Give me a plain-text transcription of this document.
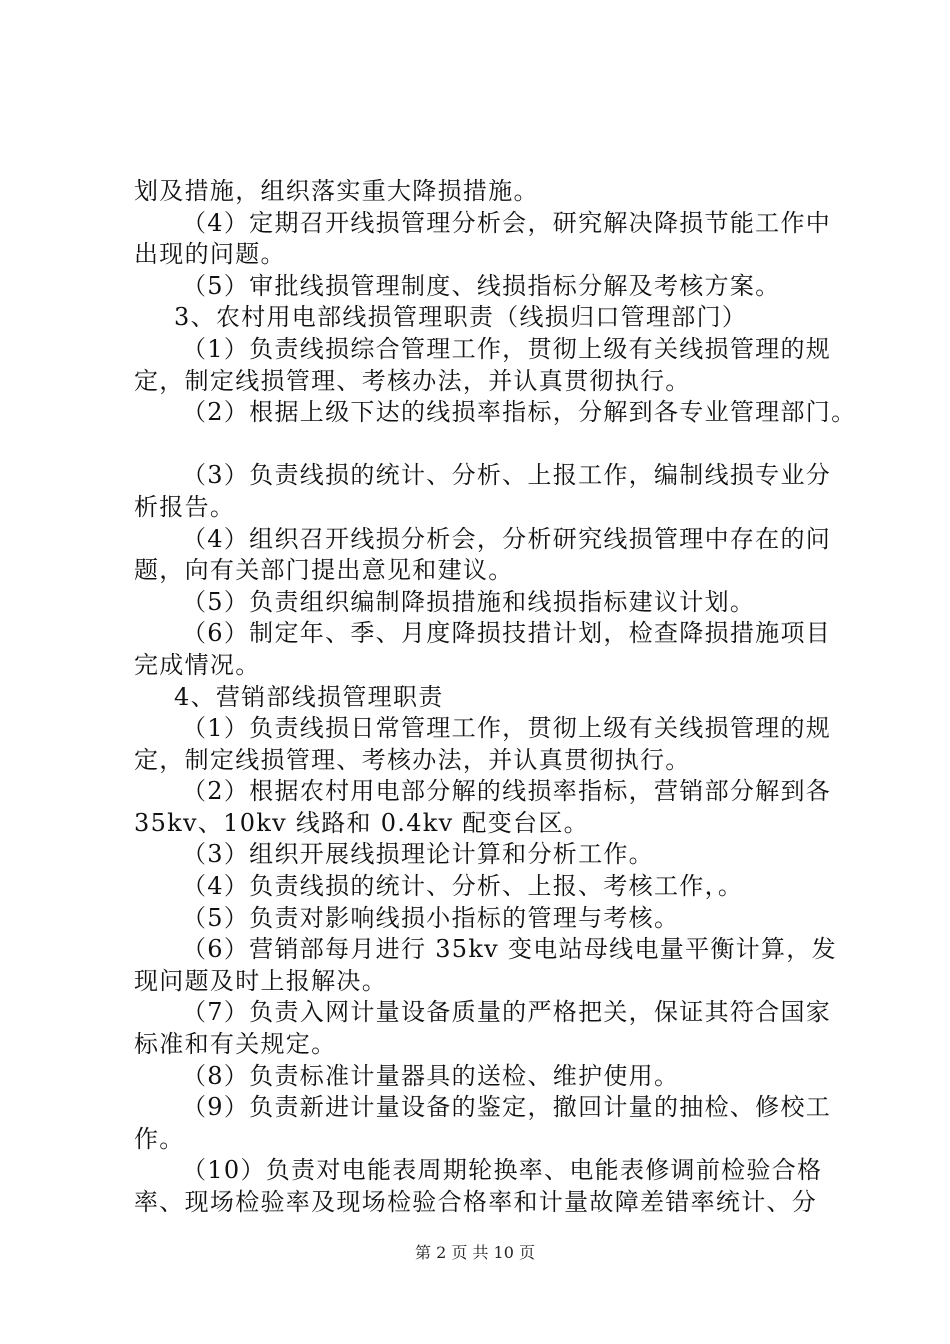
划及措施，组织落实重大降损措施。
（4）定期召开线损管理分析会，研究解决降损节能工作中
出现的问题。
（5）审批线损管理制度、线损指标分解及考核方案。
3、农村用电部线损管理职责（线损归口管理部门）
（1）负责线损综合管理工作，贯彻上级有关线损管理的规
定，制定线损管理、考核办法，并认真贯彻执行。
（2）根据上级下达的线损率指标，分解到各专业管理部门。
（3）负责线损的统计、分析、上报工作，编制线损专业分
析报告。
（4）组织召开线损分析会，分析研究线损管理中存在的问
题，向有关部门提出意见和建议。
（5）负责组织编制降损措施和线损指标建议计划。
（6）制定年、季、月度降损技措计划，检查降损措施项目
完成情况。
4、营销部线损管理职责
（1）负责线损日常管理工作，贯彻上级有关线损管理的规
定，制定线损管理、考核办法，并认真贯彻执行。
（2）根据农村用电部分解的线损率指标，营销部分解到各
35kv、10kv 线路和 0.4kv 配变台区。
（3）组织开展线损理论计算和分析工作。
（4）负责线损的统计、分析、上报、考核工作，。
（5）负责对影响线损小指标的管理与考核。
（6）营销部每月进行 35kv 变电站母线电量平衡计算，发
现问题及时上报解决。
（7）负责入网计量设备质量的严格把关，保证其符合国家
标准和有关规定。
（8）负责标准计量器具的送检、维护使用。
（9）负责新进计量设备的鉴定，撤回计量的抽检、修校工
作。
（10）负责对电能表周期轮换率、电能表修调前检验合格
率、现场检验率及现场检验合格率和计量故障差错率统计、分
第 2 页 共 10 页
